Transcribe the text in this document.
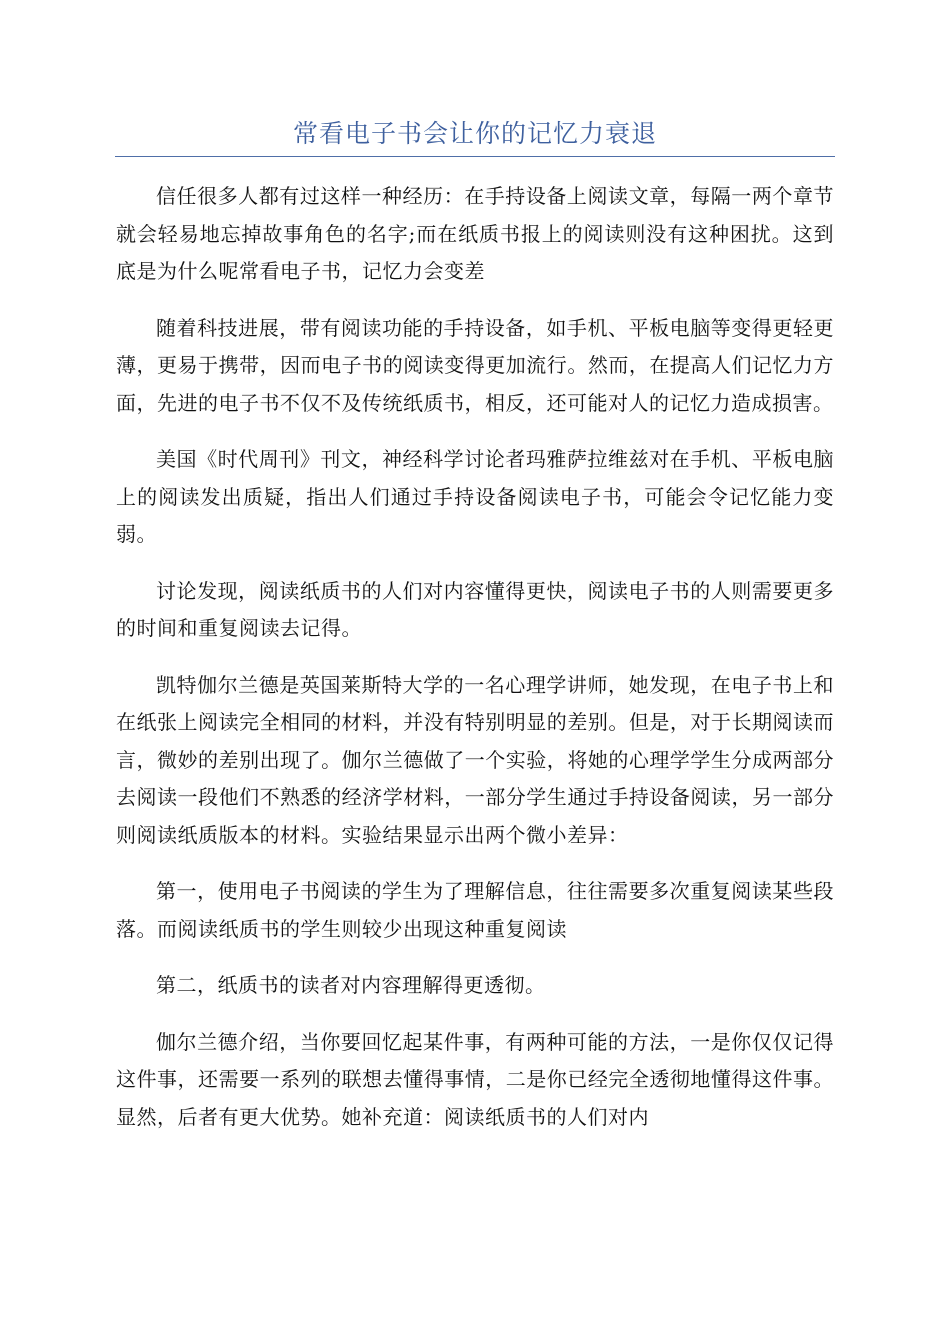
常看电子书会让你的记忆力衰退

信任很多人都有过这样一种经历：在手持设备上阅读文章，每隔一两个章节就会轻易地忘掉故事角色的名字;而在纸质书报上的阅读则没有这种困扰。这到底是为什么呢常看电子书，记忆力会变差

随着科技进展，带有阅读功能的手持设备，如手机、平板电脑等变得更轻更薄，更易于携带，因而电子书的阅读变得更加流行。然而，在提高人们记忆力方面，先进的电子书不仅不及传统纸质书，相反，还可能对人的记忆力造成损害。

美国《时代周刊》刊文，神经科学讨论者玛雅萨拉维兹对在手机、平板电脑上的阅读发出质疑，指出人们通过手持设备阅读电子书，可能会令记忆能力变弱。

讨论发现，阅读纸质书的人们对内容懂得更快，阅读电子书的人则需要更多的时间和重复阅读去记得。

凯特伽尔兰德是英国莱斯特大学的一名心理学讲师，她发现，在电子书上和在纸张上阅读完全相同的材料，并没有特别明显的差别。但是，对于长期阅读而言，微妙的差别出现了。伽尔兰德做了一个实验，将她的心理学学生分成两部分去阅读一段他们不熟悉的经济学材料，一部分学生通过手持设备阅读，另一部分则阅读纸质版本的材料。实验结果显示出两个微小差异：

第一，使用电子书阅读的学生为了理解信息，往往需要多次重复阅读某些段落。而阅读纸质书的学生则较少出现这种重复阅读

第二，纸质书的读者对内容理解得更透彻。

伽尔兰德介绍，当你要回忆起某件事，有两种可能的方法，一是你仅仅记得这件事，还需要一系列的联想去懂得事情，二是你已经完全透彻地懂得这件事。显然，后者有更大优势。她补充道：阅读纸质书的人们对内
